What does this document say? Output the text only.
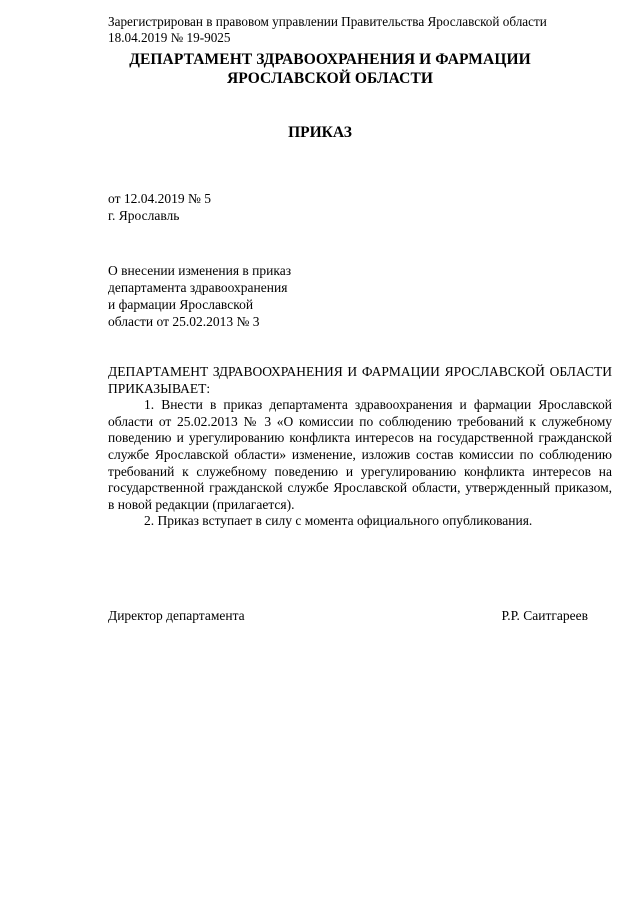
Зарегистрирован в правовом управлении Правительства Ярославской области
18.04.2019 № 19-9025
ДЕПАРТАМЕНТ ЗДРАВООХРАНЕНИЯ И ФАРМАЦИИ
ЯРОСЛАВСКОЙ ОБЛАСТИ
ПРИКАЗ
от 12.04.2019 № 5
г. Ярославль
О внесении изменения в приказ
департамента здравоохранения
и фармации Ярославской
области от 25.02.2013 № 3

ДЕПАРТАМЕНТ ЗДРАВООХРАНЕНИЯ И ФАРМАЦИИ ЯРОСЛАВСКОЙ ОБЛАСТИ ПРИКАЗЫВАЕТ:

1. Внести в приказ департамента здравоохранения и фармации Ярославской области от 25.02.2013 № 3 «О комиссии по соблюдению требований к служебному поведению и урегулированию конфликта интересов на государственной гражданской службе Ярославской области» изменение, изложив состав комиссии по соблюдению требований к служебному поведению и урегулированию конфликта интересов на государственной гражданской службе Ярославской области, утвержденный приказом, в новой редакции (прилагается).

2. Приказ вступает в силу с момента официального опубликования.

Директор департамента	Р.Р. Саитгареев
